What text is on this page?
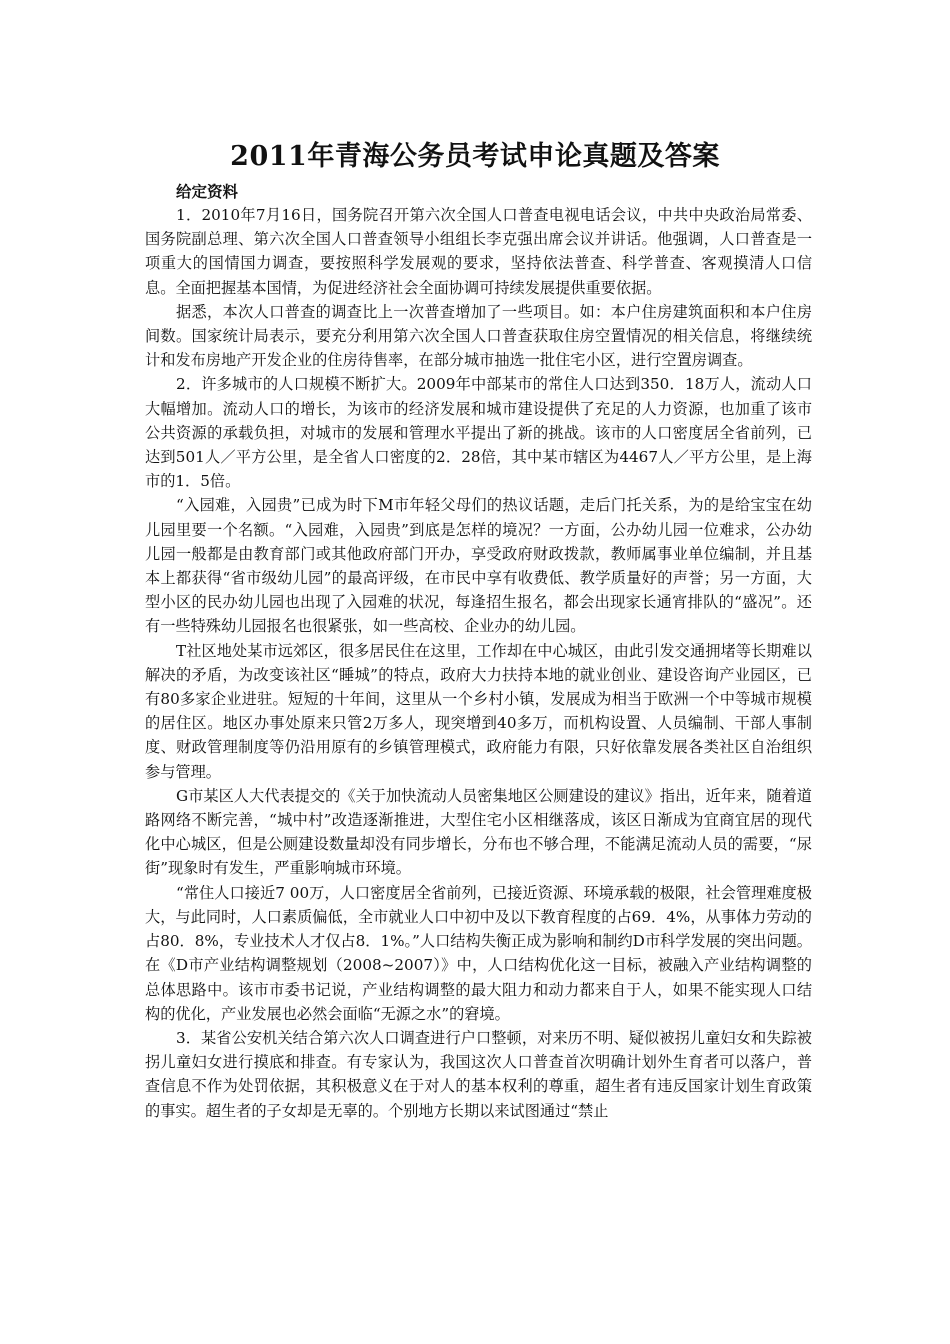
2011年青海公务员考试申论真题及答案
给定资料

1．2010年7月16日，国务院召开第六次全国人口普查电视电话会议，中共中央政治局常委、国务院副总理、第六次全国人口普查领导小组组长李克强出席会议并讲话。他强调，人口普查是一项重大的国情国力调查，要按照科学发展观的要求，坚持依法普查、科学普查、客观摸清人口信息。全面把握基本国情，为促进经济社会全面协调可持续发展提供重要依据。

据悉，本次人口普查的调查比上一次普查增加了一些项目。如：本户住房建筑面积和本户住房间数。国家统计局表示，要充分利用第六次全国人口普查获取住房空置情况的相关信息，将继续统计和发布房地产开发企业的住房待售率，在部分城市抽选一批住宅小区，进行空置房调查。

2．许多城市的人口规模不断扩大。2009年中部某市的常住人口达到350．18万人，流动人口大幅增加。流动人口的增长，为该市的经济发展和城市建设提供了充足的人力资源，也加重了该市公共资源的承载负担，对城市的发展和管理水平提出了新的挑战。该市的人口密度居全省前列，已达到501人／平方公里，是全省人口密度的2．28倍，其中某市辖区为4467人／平方公里，是上海市的1．5倍。

“入园难，入园贵”已成为时下M市年轻父母们的热议话题，走后门托关系，为的是给宝宝在幼儿园里要一个名额。“入园难，入园贵”到底是怎样的境况？一方面，公办幼儿园一位难求，公办幼儿园一般都是由教育部门或其他政府部门开办，享受政府财政拨款，教师属事业单位编制，并且基本上都获得“省市级幼儿园”的最高评级，在市民中享有收费低、教学质量好的声誉；另一方面，大型小区的民办幼儿园也出现了入园难的状况，每逢招生报名，都会出现家长通宵排队的“盛况”。还有一些特殊幼儿园报名也很紧张，如一些高校、企业办的幼儿园。

T社区地处某市远郊区，很多居民住在这里，工作却在中心城区，由此引发交通拥堵等长期难以解决的矛盾，为改变该社区“睡城”的特点，政府大力扶持本地的就业创业、建设咨询产业园区，已有80多家企业进驻。短短的十年间，这里从一个乡村小镇，发展成为相当于欧洲一个中等城市规模的居住区。地区办事处原来只管2万多人，现突增到40多万，而机构设置、人员编制、干部人事制度、财政管理制度等仍沿用原有的乡镇管理模式，政府能力有限，只好依靠发展各类社区自治组织参与管理。

G市某区人大代表提交的《关于加快流动人员密集地区公厕建设的建议》指出，近年来，随着道路网络不断完善，“城中村”改造逐渐推进，大型住宅小区相继落成，该区日渐成为宜商宜居的现代化中心城区，但是公厕建设数量却没有同步增长，分布也不够合理，不能满足流动人员的需要，“尿街”现象时有发生，严重影响城市环境。

“常住人口接近7 00万，人口密度居全省前列，已接近资源、环境承载的极限，社会管理难度极大，与此同时，人口素质偏低，全市就业人口中初中及以下教育程度的占69．4%，从事体力劳动的占80．8%，专业技术人才仅占8．1%。”人口结构失衡正成为影响和制约D市科学发展的突出问题。在《D市产业结构调整规划（2008~2007）》中，人口结构优化这一目标，被融入产业结构调整的总体思路中。该市市委书记说，产业结构调整的最大阻力和动力都来自于人，如果不能实现人口结构的优化，产业发展也必然会面临“无源之水”的窘境。

3．某省公安机关结合第六次人口调查进行户口整顿，对来历不明、疑似被拐儿童妇女和失踪被拐儿童妇女进行摸底和排查。有专家认为，我国这次人口普查首次明确计划外生育者可以落户，普查信息不作为处罚依据，其积极意义在于对人的基本权利的尊重，超生者有违反国家计划生育政策的事实。超生者的子女却是无辜的。个别地方长期以来试图通过“禁止
